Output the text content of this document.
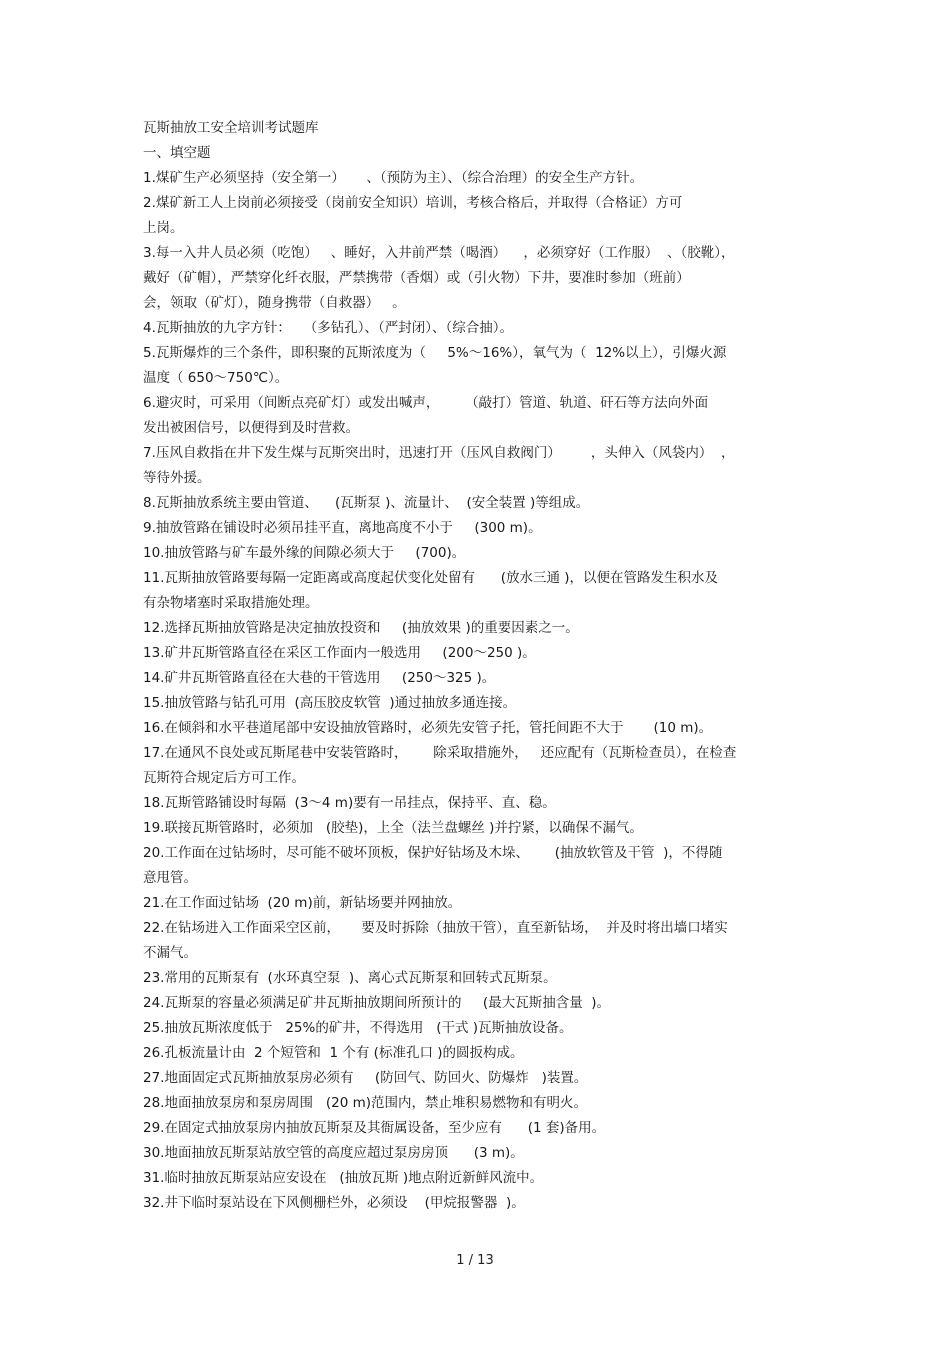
瓦斯抽放工安全培训考试题库
一、填空题
1.煤矿生产必须坚持（安全第一）     、（预防为主）、（综合治理）的安全生产方针。
2.煤矿新工人上岗前必须接受（岗前安全知识）培训，考核合格后，并取得（合格证）方可
上岗。
3.每一入井人员必须（吃饱）   、睡好，入井前严禁（喝酒）    ，必须穿好（工作服）  、（胶靴），
戴好（矿帽），严禁穿化纤衣服，严禁携带（香烟）或（引火物）下井，要准时参加（班前）
会，领取（矿灯），随身携带（自救器）   。
4.瓦斯抽放的九字方针：   （多钻孔）、（严封闭）、（综合抽）。
5.瓦斯爆炸的三个条件，即积聚的瓦斯浓度为（     5%～16%），氧气为（  12%以上），引爆火源
温度（ 650～750℃）。
6.避灾时，可采用（间断点亮矿灯）或发出喊声，      （敲打）管道、轨道、矸石等方法向外面
发出被困信号，以便得到及时营救。
7.压风自救指在井下发生煤与瓦斯突出时，迅速打开（压风自救阀门）       ，头伸入（风袋内）  ，
等待外援。
8.瓦斯抽放系统主要由管道、    (瓦斯泵 )、流量计、  (安全装置 )等组成。
9.抽放管路在铺设时必须吊挂平直，离地高度不小于     (300 m)。
10.抽放管路与矿车最外缘的间隙必须大于     (700)。
11.瓦斯抽放管路要每隔一定距离或高度起伏变化处留有      (放水三通 )，以便在管路发生积水及
有杂物堵塞时采取措施处理。
12.选择瓦斯抽放管路是决定抽放投资和     (抽放效果 )的重要因素之一。
13.矿井瓦斯管路直径在采区工作面内一般选用     (200～250 )。
14.矿井瓦斯管路直径在大巷的干管选用     (250～325 )。
15.抽放管路与钻孔可用  (高压胶皮软管  )通过抽放多通连接。
16.在倾斜和水平巷道尾部中安设抽放管路时，必须先安管子托，管托间距不大于       (10 m)。
17.在通风不良处或瓦斯尾巷中安装管路时，      除采取措施外，   还应配有（瓦斯检查员），在检查
瓦斯符合规定后方可工作。
18.瓦斯管路铺设时每隔  (3～4 m)要有一吊挂点，保持平、直、稳。
19.联接瓦斯管路时，必须加   (胶垫)，上全（法兰盘螺丝 )并拧紧，以确保不漏气。
20.工作面在过钻场时，尽可能不破坏顶板，保护好钻场及木垛、      (抽放软管及干管  )，不得随
意甩管。
21.在工作面过钻场  (20 m)前，新钻场要并网抽放。
22.在钻场进入工作面采空区前，     要及时拆除（抽放干管），直至新钻场，  并及时将出墙口堵实
不漏气。
23.常用的瓦斯泵有  (水环真空泵  )、离心式瓦斯泵和回转式瓦斯泵。
24.瓦斯泵的容量必须满足矿井瓦斯抽放期间所预计的     (最大瓦斯抽含量  )。
25.抽放瓦斯浓度低于   25%的矿井，不得选用   (干式 )瓦斯抽放设备。
26.孔板流量计由  2 个短管和  1 个有 (标准孔口 )的圆扳构成。
27.地面固定式瓦斯抽放泵房必须有     (防回气、防回火、防爆炸   )装置。
28.地面抽放泵房和泵房周围   (20 m)范围内，禁止堆积易燃物和有明火。
29.在固定式抽放泵房内抽放瓦斯泵及其衙属设备，至少应有      (1 套)备用。
30.地面抽放瓦斯泵站放空管的高度应超过泵房房顶      (3 m)。
31.临时抽放瓦斯泵站应安设在   (抽放瓦斯 )地点附近新鲜风流中。
32.井下临时泵站设在下风侧栅栏外，必须设    (甲烷报警器  )。
1 / 13
